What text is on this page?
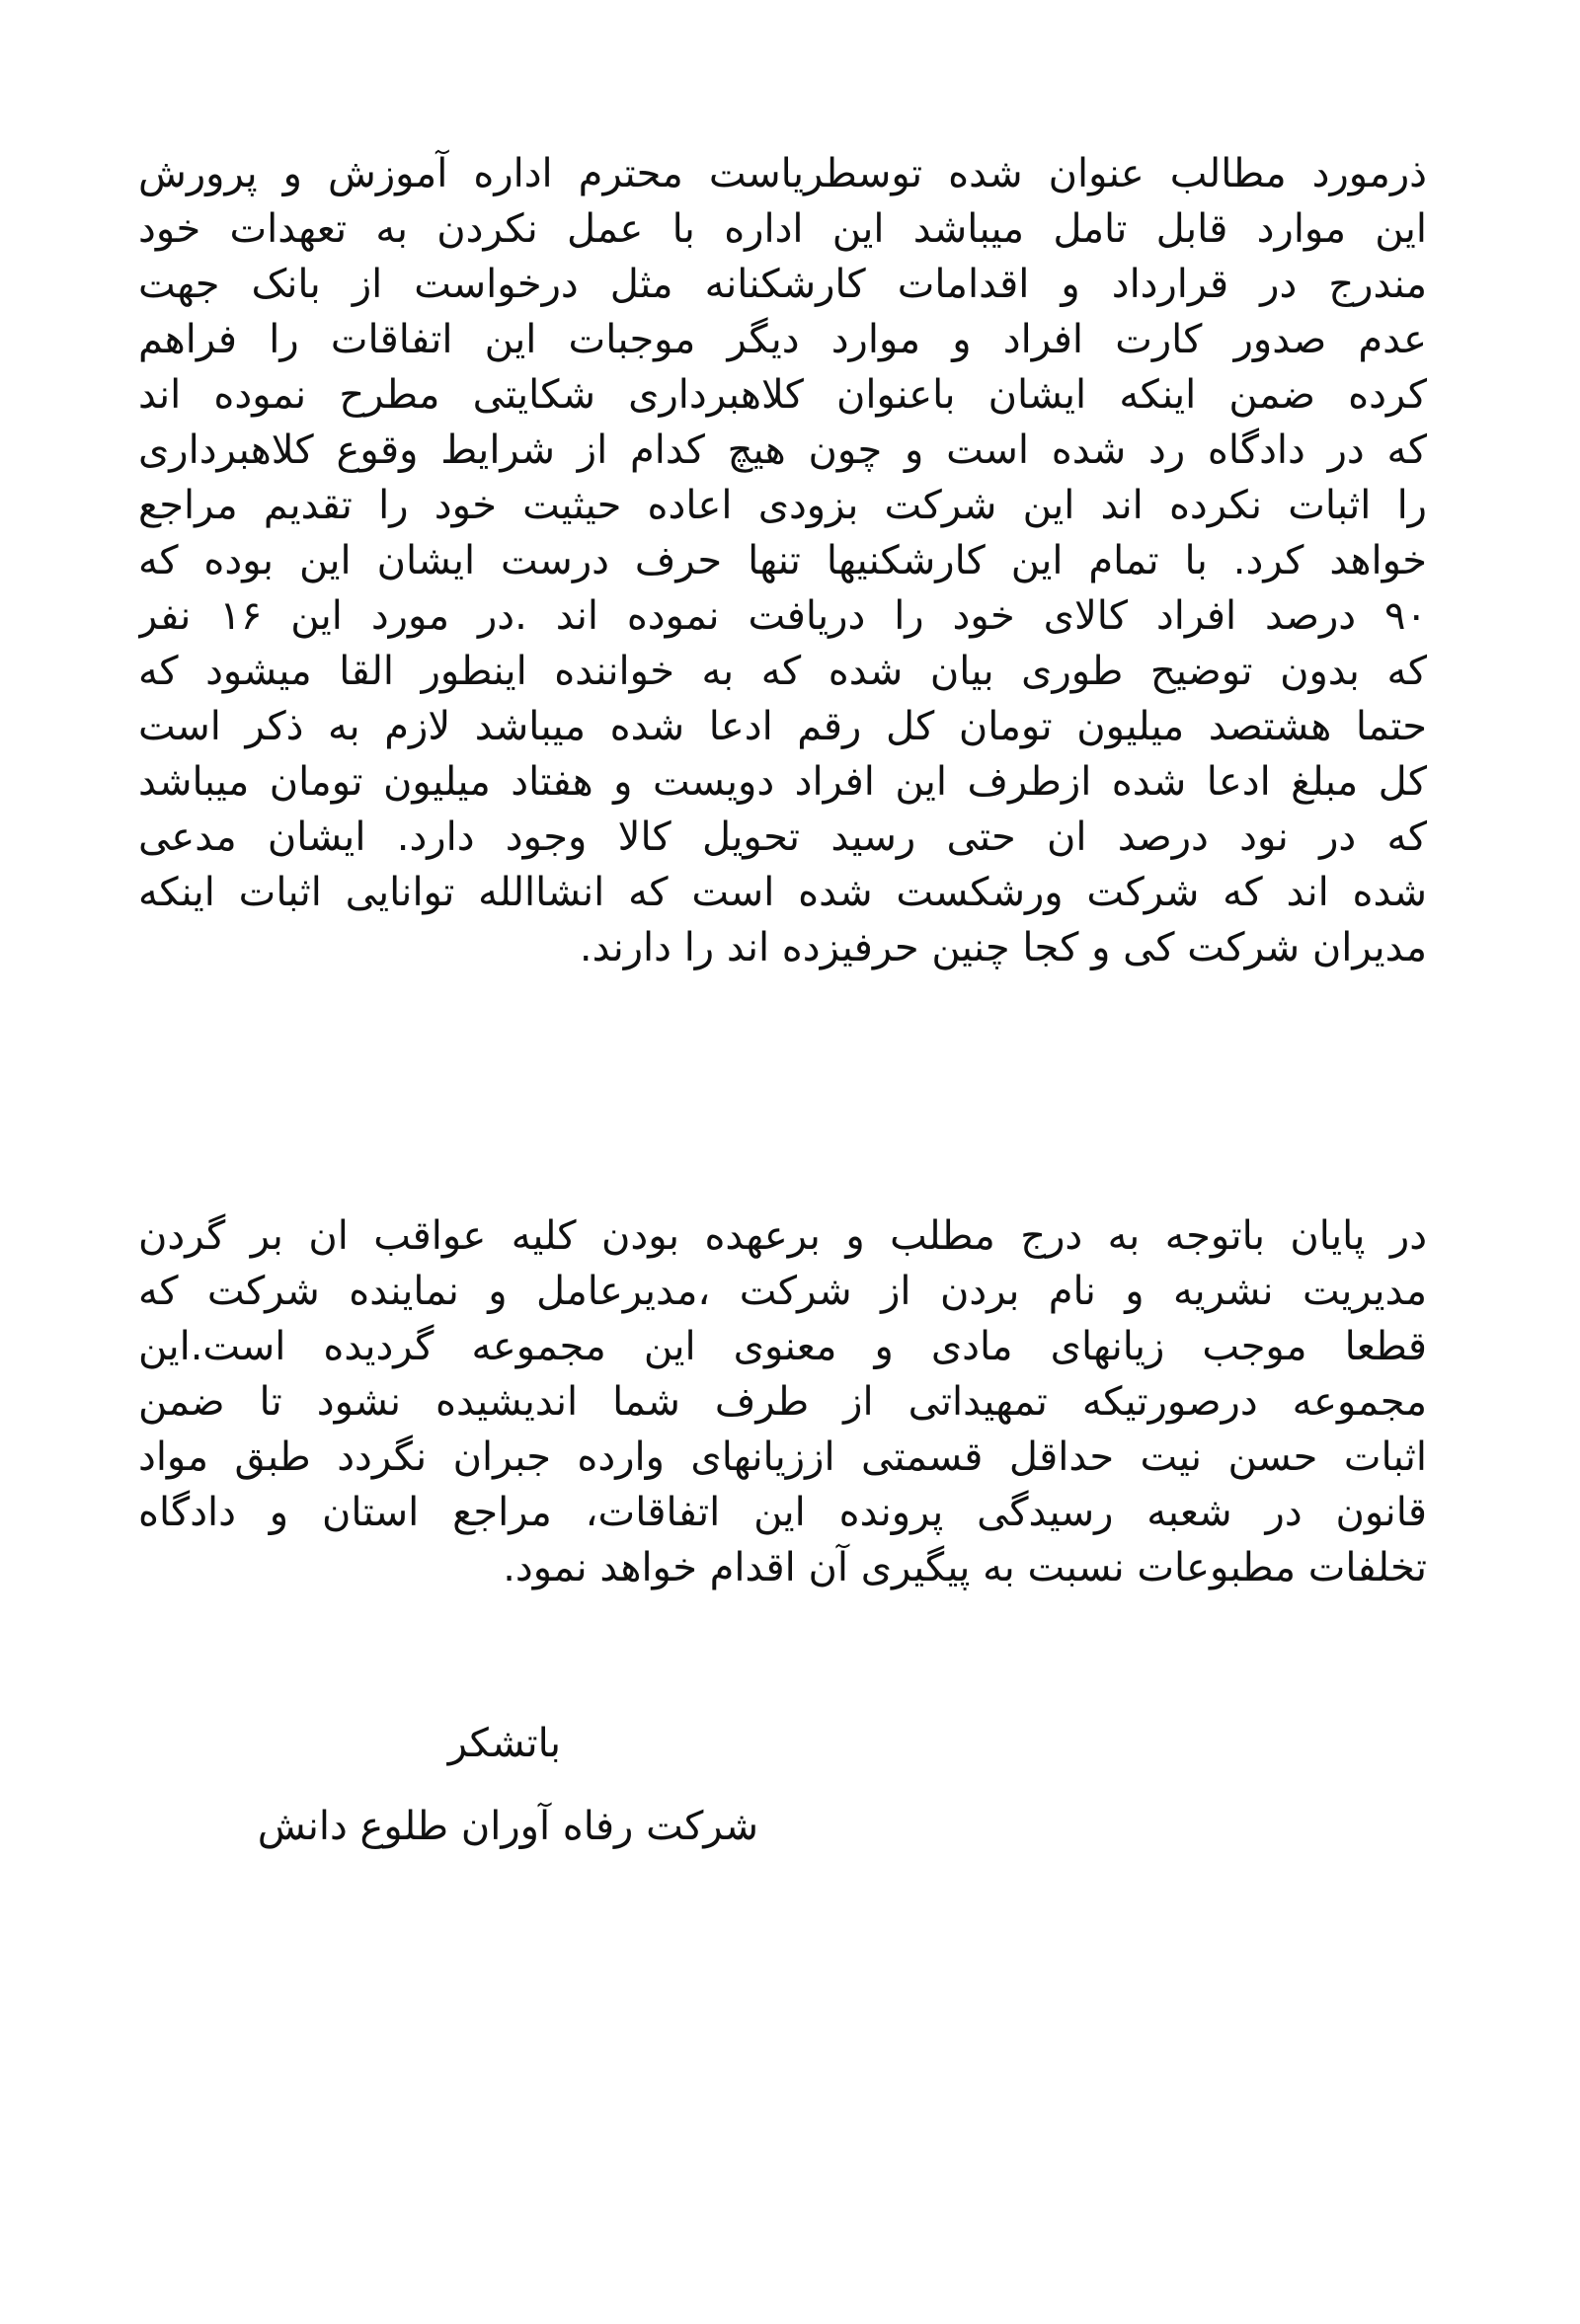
ذرمورد مطالب عنوان شده توسطریاست محترم اداره آموزش و پرورش
این موارد قابل تامل میباشد این اداره با عمل نکردن به تعهدات خود
مندرج در قرارداد و اقدامات کارشکنانه مثل درخواست از بانک جهت
عدم صدور کارت افراد و موارد دیگر موجبات این اتفاقات را فراهم
کرده ضمن اینکه ایشان باعنوان کلاهبرداری شکایتی مطرح نموده اند
که در دادگاه رد شده است و چون هیچ کدام از شرایط وقوع کلاهبرداری
را اثبات نکرده اند این شرکت بزودی اعاده حیثیت خود را تقدیم مراجع
خواهد کرد. با تمام این کارشکنیها تنها حرف درست ایشان این بوده که
۹۰ درصد افراد کالای خود را دریافت نموده اند .در مورد این ۱۶ نفر
که بدون توضیح طوری بیان شده که به خواننده اینطور القا میشود که
حتما هشتصد میلیون تومان کل رقم ادعا شده میباشد لازم به ذکر است
کل مبلغ ادعا شده ازطرف این افراد دویست و هفتاد میلیون تومان میباشد
که در نود درصد ان حتی رسید تحویل کالا وجود دارد. ایشان مدعی
شده اند که شرکت ورشکست شده است که انشاالله توانایی اثبات اینکه
مدیران شرکت کی و کجا چنین حرفیزده اند را دارند.
در پایان باتوجه به درج مطلب و برعهده بودن کلیه عواقب ان بر گردن
مدیریت نشریه و نام بردن از شرکت ،مدیرعامل و نماینده شرکت که
قطعا موجب زیانهای مادی و معنوی این مجموعه گردیده است.این
مجموعه درصورتیکه تمهیداتی از طرف شما اندیشیده نشود تا ضمن
اثبات حسن نیت حداقل قسمتی اززیانهای وارده جبران نگردد طبق مواد
قانون در شعبه رسیدگی پرونده این اتفاقات، مراجع استان و دادگاه
تخلفات مطبوعات نسبت به پیگیری آن اقدام خواهد نمود.

باتشکر

شرکت رفاه آوران طلوع دانش
